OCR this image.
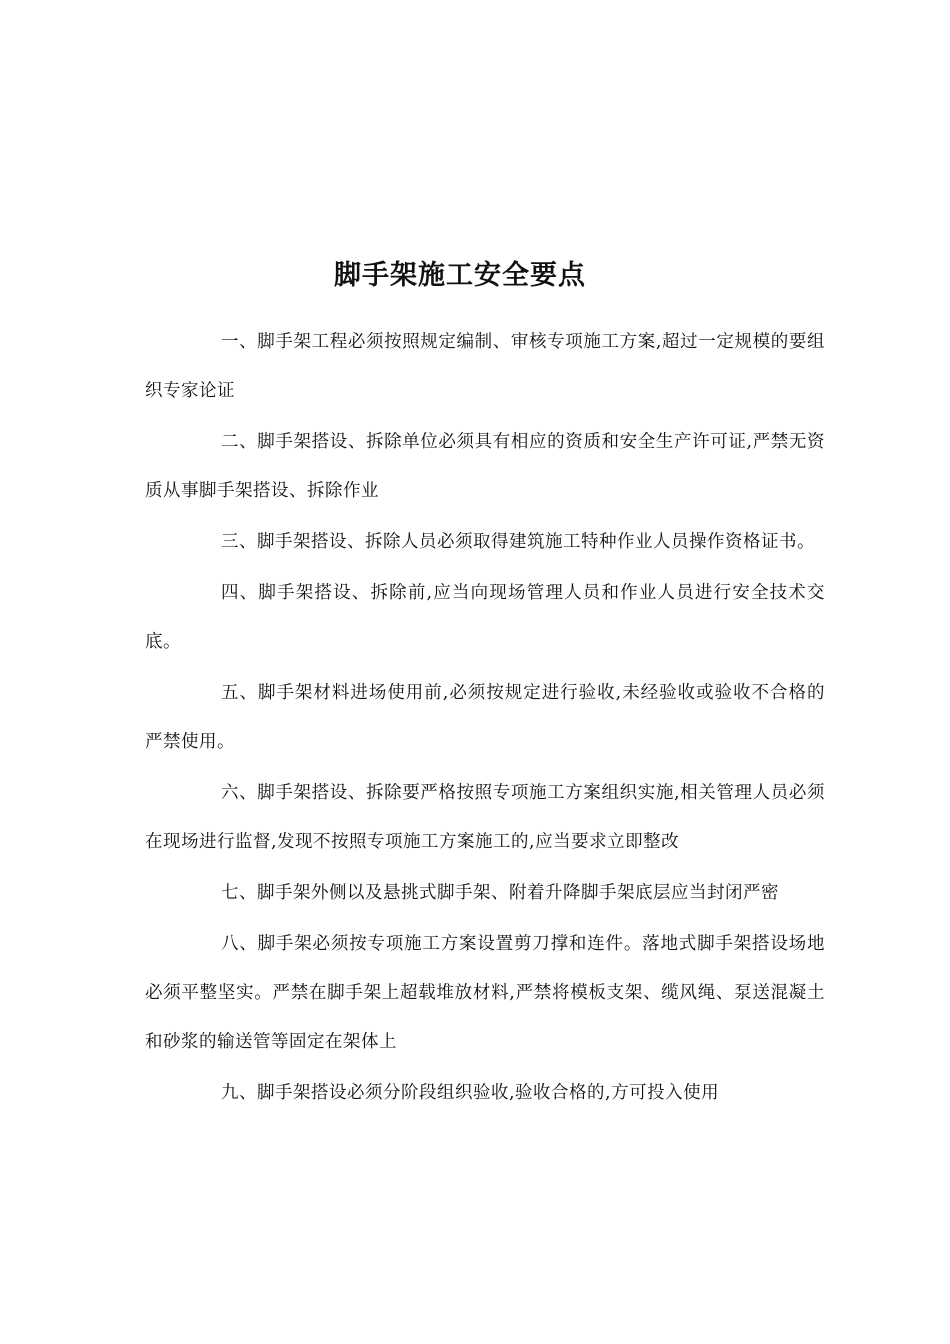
脚手架施工安全要点

一、脚手架工程必须按照规定编制、审核专项施工方案,超过一定规模的要组织专家论证

二、脚手架搭设、拆除单位必须具有相应的资质和安全生产许可证,严禁无资质从事脚手架搭设、拆除作业

三、脚手架搭设、拆除人员必须取得建筑施工特种作业人员操作资格证书。

四、脚手架搭设、拆除前,应当向现场管理人员和作业人员进行安全技术交底。

五、脚手架材料进场使用前,必须按规定进行验收,未经验收或验收不合格的严禁使用。

六、脚手架搭设、拆除要严格按照专项施工方案组织实施,相关管理人员必须在现场进行监督,发现不按照专项施工方案施工的,应当要求立即整改

七、脚手架外侧以及悬挑式脚手架、附着升降脚手架底层应当封闭严密

八、脚手架必须按专项施工方案设置剪刀撑和连件。落地式脚手架搭设场地必须平整坚实。严禁在脚手架上超载堆放材料,严禁将模板支架、缆风绳、泵送混凝土和砂浆的输送管等固定在架体上

九、脚手架搭设必须分阶段组织验收,验收合格的,方可投入使用
